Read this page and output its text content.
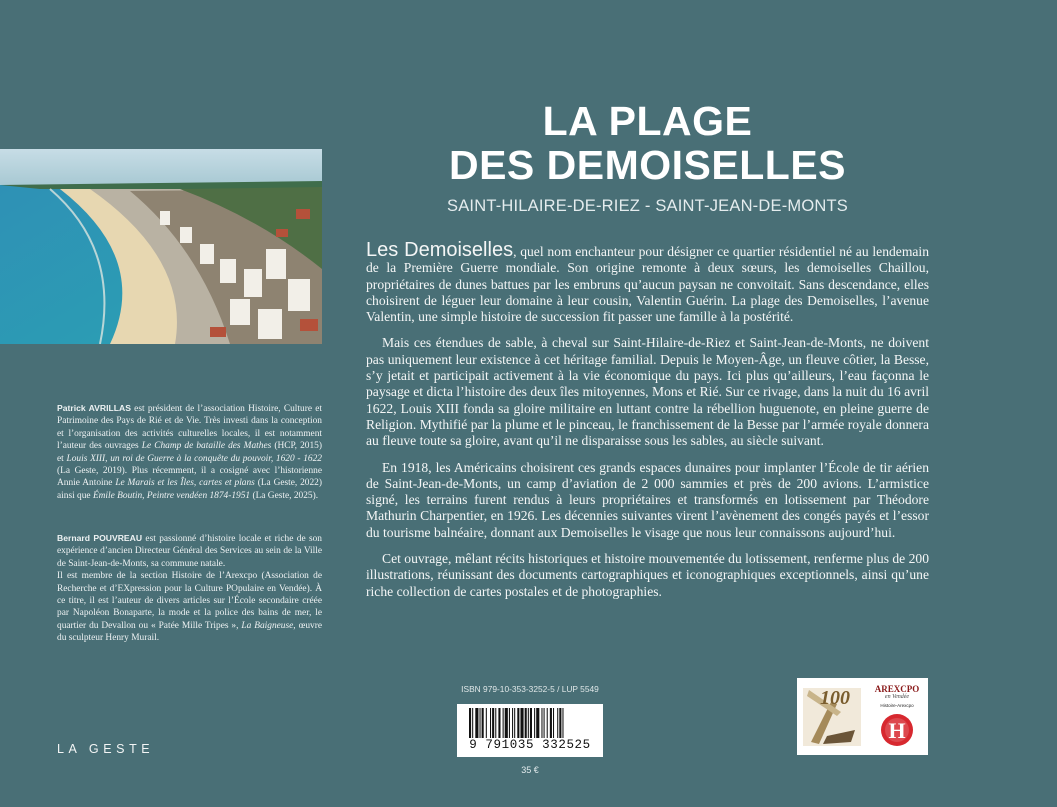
Patrick AVRILLAS est président de l’association Histoire, Culture et Patrimoine des Pays de Rié et de Vie. Très investi dans la conception et l’organisation des activités culturelles locales, il est notamment l’auteur des ouvrages Le Champ de bataille des Mathes (HCP, 2015) et Louis XIII, un roi de Guerre à la conquête du pouvoir, 1620 - 1622 (La Geste, 2019). Plus récemment, il a cosigné avec l’historienne Annie Antoine Le Marais et les Îles, cartes et plans (La Geste, 2022) ainsi que Émile Boutin, Peintre vendéen 1874-1951 (La Geste, 2025).

Bernard POUVREAU est passionné d’histoire locale et riche de son expérience d’ancien Directeur Général des Services au sein de la Ville de Saint-Jean-de-Monts, sa commune natale.

Il est membre de la section Histoire de l’Arexcpo (Association de Recherche et d’EXpression pour la Culture POpulaire en Vendée). À ce titre, il est l’auteur de divers articles sur l’École secondaire créée par Napoléon Bonaparte, la mode et la police des bains de mer, le quartier du Devallon ou « Patée Mille Tripes », La Baigneuse, œuvre du sculpteur Henry Murail.

LA GESTE
LA PLAGE
DES DEMOISELLES
SAINT-HILAIRE-DE-RIEZ - SAINT-JEAN-DE-MONTS

Les Demoiselles, quel nom enchanteur pour désigner ce quartier résidentiel né au lendemain de la Première Guerre mondiale. Son origine remonte à deux sœurs, les demoiselles Chaillou, propriétaires de dunes battues par les embruns qu’aucun paysan ne convoitait. Sans descendance, elles choisirent de léguer leur domaine à leur cousin, Valentin Guérin. La plage des Demoiselles, l’avenue Valentin, une simple histoire de succession fit passer une famille à la postérité.

Mais ces étendues de sable, à cheval sur Saint-Hilaire-de-Riez et Saint-Jean-de-Monts, ne doivent pas uniquement leur existence à cet héritage familial. Depuis le Moyen-Âge, un fleuve côtier, la Besse, s’y jetait et participait activement à la vie économique du pays. Ici plus qu’ailleurs, l’eau façonna le paysage et dicta l’histoire des deux îles mitoyennes, Mons et Rié. Sur ce rivage, dans la nuit du 16 avril 1622, Louis XIII fonda sa gloire militaire en luttant contre la rébellion huguenote, en pleine guerre de Religion. Mythifié par la plume et le pinceau, le franchissement de la Besse par l’armée royale donnera au fleuve toute sa gloire, avant qu’il ne disparaisse sous les sables, au siècle suivant.

En 1918, les Américains choisirent ces grands espaces dunaires pour implanter l’École de tir aérien de Saint-Jean-de-Monts, un camp d’aviation de 2 000 sammies et près de 200 avions. L’armistice signé, les terrains furent rendus à leurs propriétaires et transformés en lotissement par Théodore Mathurin Charpentier, en 1926. Les décennies suivantes virent l’avènement des congés payés et l’essor du tourisme balnéaire, donnant aux Demoiselles le visage que nous leur connaissons aujourd’hui.

Cet ouvrage, mêlant récits historiques et histoire mouvementée du lotissement, renferme plus de 200 illustrations, réunissant des documents cartographiques et iconographiques exceptionnels, ainsi qu’une riche collection de cartes postales et de photographies.

ISBN 979-10-353-3252-5 / LUP 5549
9 791035 332525
35 €
100	AREXCPO
en Vendée
Histoire-Arexcpo
H
